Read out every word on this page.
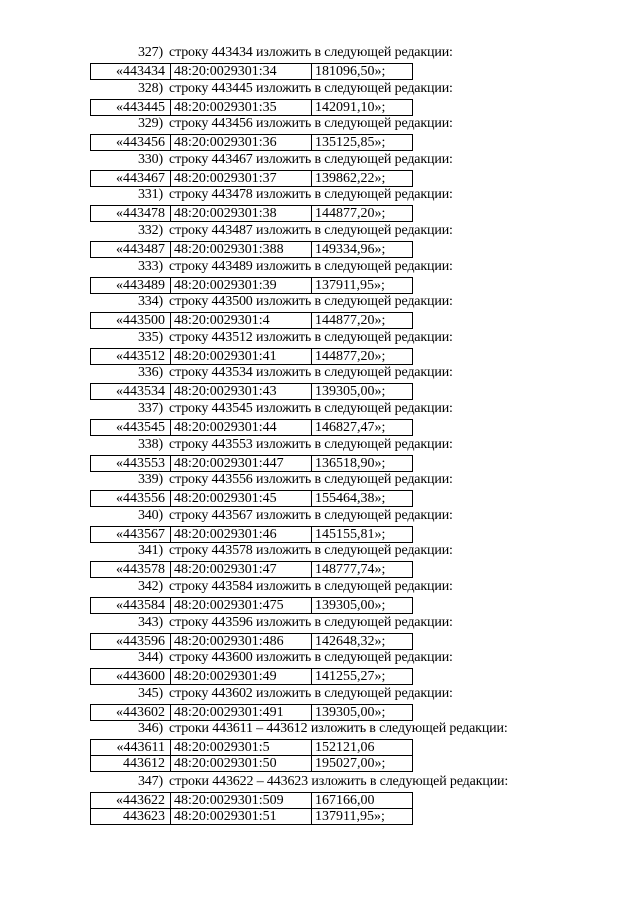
327) строку 443434 изложить в следующей редакции:
«443434	48:20:0029301:34	181096,50»;
328) строку 443445 изложить в следующей редакции:
«443445	48:20:0029301:35	142091,10»;
329) строку 443456 изложить в следующей редакции:
«443456	48:20:0029301:36	135125,85»;
330) строку 443467 изложить в следующей редакции:
«443467	48:20:0029301:37	139862,22»;
331) строку 443478 изложить в следующей редакции:
«443478	48:20:0029301:38	144877,20»;
332) строку 443487 изложить в следующей редакции:
«443487	48:20:0029301:388	149334,96»;
333) строку 443489 изложить в следующей редакции:
«443489	48:20:0029301:39	137911,95»;
334) строку 443500 изложить в следующей редакции:
«443500	48:20:0029301:4	144877,20»;
335) строку 443512 изложить в следующей редакции:
«443512	48:20:0029301:41	144877,20»;
336) строку 443534 изложить в следующей редакции:
«443534	48:20:0029301:43	139305,00»;
337) строку 443545 изложить в следующей редакции:
«443545	48:20:0029301:44	146827,47»;
338) строку 443553 изложить в следующей редакции:
«443553	48:20:0029301:447	136518,90»;
339) строку 443556 изложить в следующей редакции:
«443556	48:20:0029301:45	155464,38»;
340) строку 443567 изложить в следующей редакции:
«443567	48:20:0029301:46	145155,81»;
341) строку 443578 изложить в следующей редакции:
«443578	48:20:0029301:47	148777,74»;
342) строку 443584 изложить в следующей редакции:
«443584	48:20:0029301:475	139305,00»;
343) строку 443596 изложить в следующей редакции:
«443596	48:20:0029301:486	142648,32»;
344) строку 443600 изложить в следующей редакции:
«443600	48:20:0029301:49	141255,27»;
345) строку 443602 изложить в следующей редакции:
«443602	48:20:0029301:491	139305,00»;
346) строки 443611 – 443612 изложить в следующей редакции:
«443611	48:20:0029301:5	152121,06
443612	48:20:0029301:50	195027,00»;
347) строки 443622 – 443623 изложить в следующей редакции:
«443622	48:20:0029301:509	167166,00
443623	48:20:0029301:51	137911,95»;
